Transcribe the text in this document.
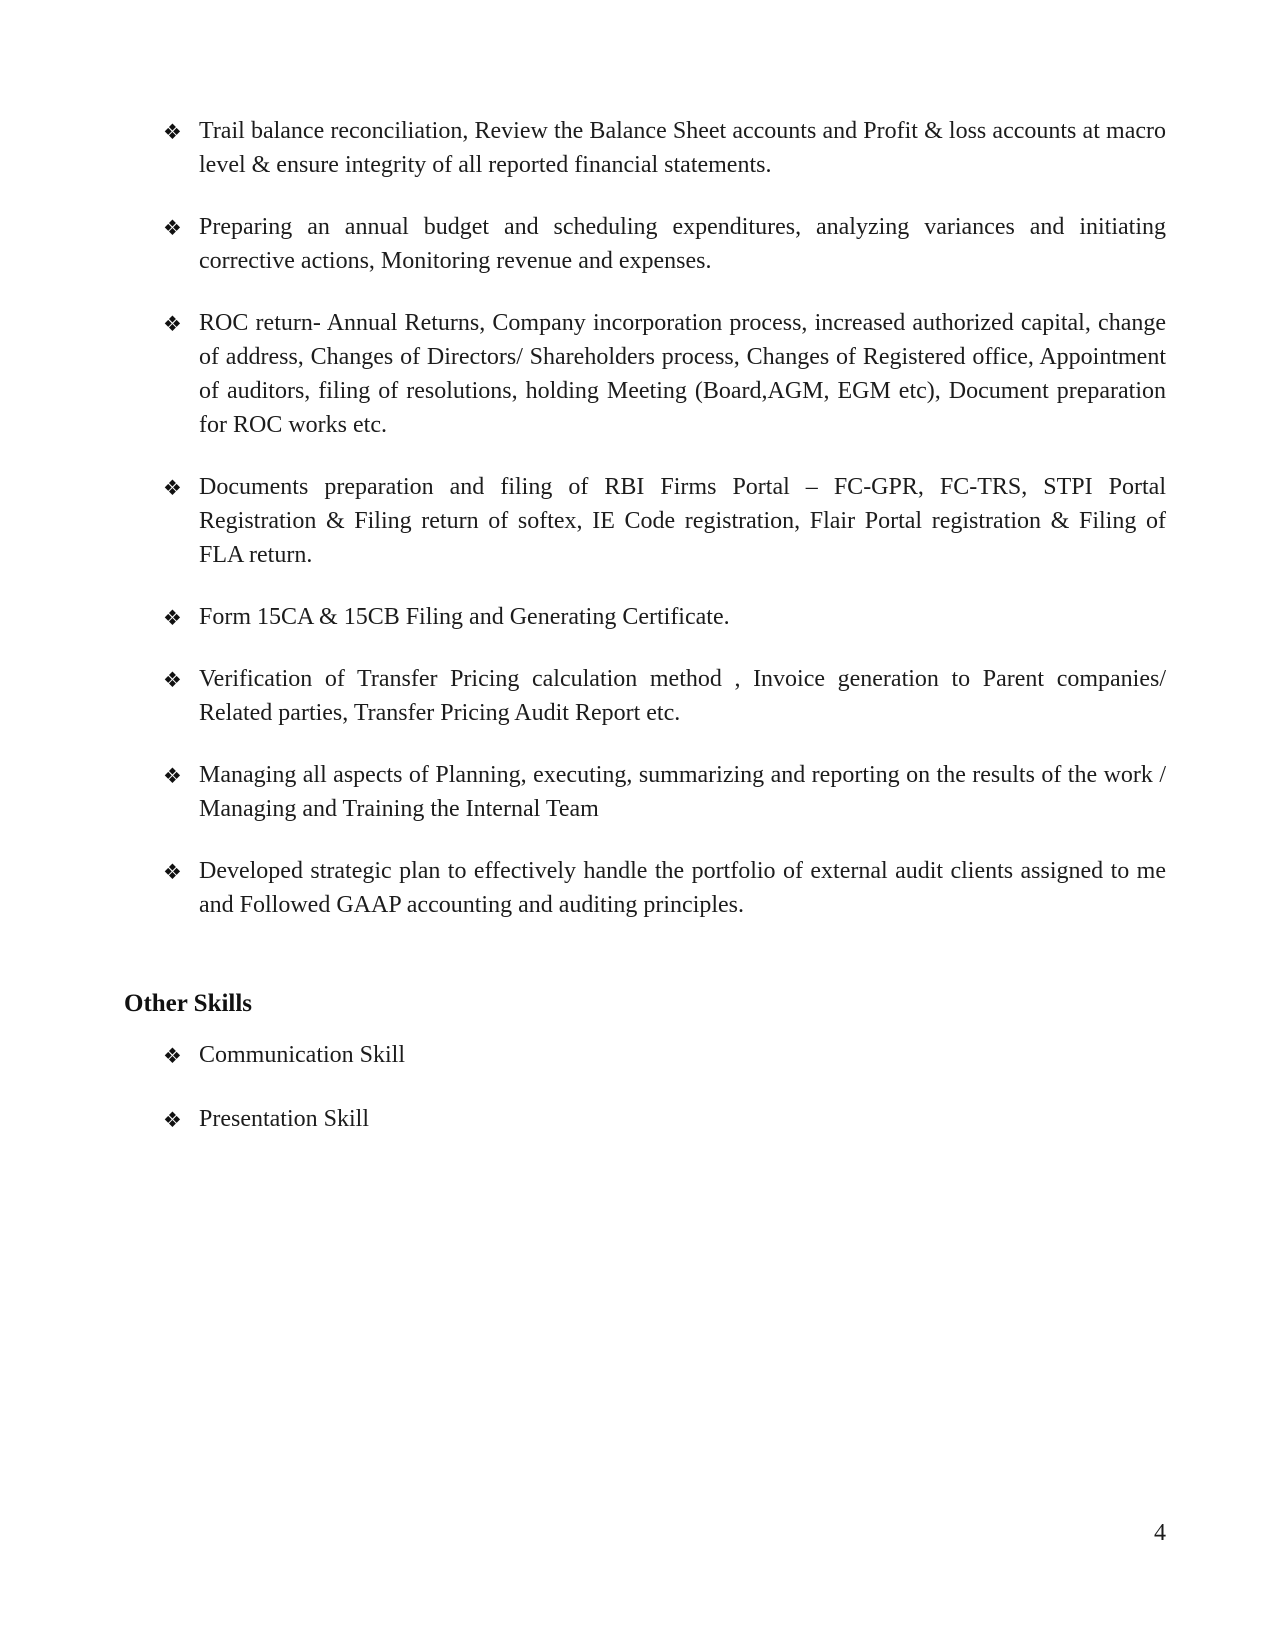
❖ Trail balance reconciliation, Review the Balance Sheet accounts and Profit & loss accounts at macro level & ensure integrity of all reported financial statements.
❖ Preparing an annual budget and scheduling expenditures, analyzing variances and initiating corrective actions, Monitoring revenue and expenses.
❖ ROC return- Annual Returns, Company incorporation process, increased authorized capital, change of address, Changes of Directors/ Shareholders process, Changes of Registered office, Appointment of auditors, filing of resolutions, holding Meeting (Board,AGM, EGM etc), Document preparation for ROC works etc.
❖ Documents preparation and filing of RBI Firms Portal – FC-GPR, FC-TRS, STPI Portal Registration & Filing return of softex, IE Code registration, Flair Portal registration & Filing of FLA return.
❖ Form 15CA & 15CB Filing and Generating Certificate.
❖ Verification of Transfer Pricing calculation method , Invoice generation to Parent companies/ Related parties, Transfer Pricing Audit Report etc.
❖ Managing all aspects of Planning, executing, summarizing and reporting on the results of the work / Managing and Training the Internal Team
❖ Developed strategic plan to effectively handle the portfolio of external audit clients assigned to me and Followed GAAP accounting and auditing principles.
Other Skills
❖ Communication Skill
❖ Presentation Skill
4
